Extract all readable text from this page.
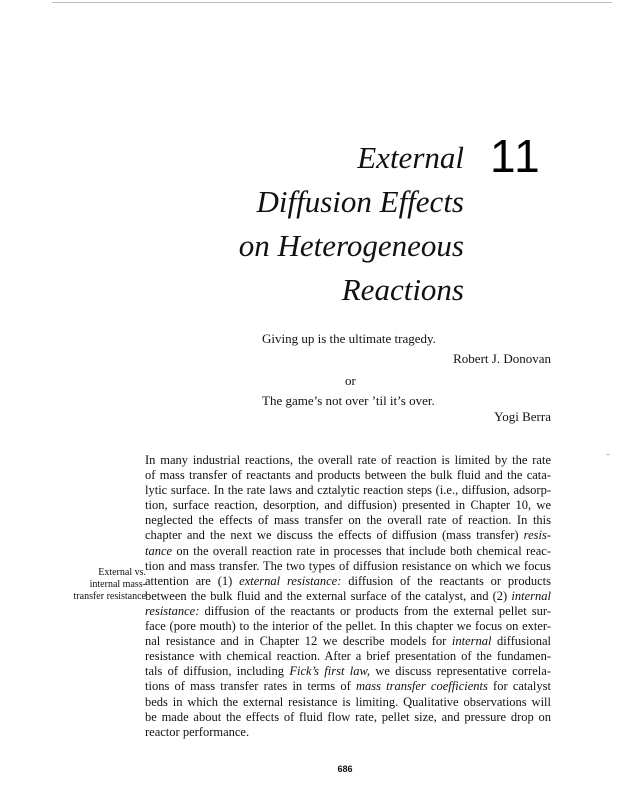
External
Diffusion Effects
on Heterogeneous
Reactions
11
Giving up is the ultimate tragedy.
Robert J. Donovan
or
The game’s not over ’til it’s over.
Yogi Berra
External vs.
internal mass-
transfer resistance
In many industrial reactions, the overall rate of reaction is limited by the rate
of mass transfer of reactants and products between the bulk fluid and the cata-
lytic surface. In the rate laws and cztalytic reaction steps (i.e., diffusion, adsorp-
tion, surface reaction, desorption, and diffusion) presented in Chapter 10, we
neglected the effects of mass transfer on the overall rate of reaction. In this
chapter and the next we discuss the effects of diffusion (mass transfer) resis-
tance on the overall reaction rate in processes that include both chemical reac-
tion and mass transfer. The two types of diffusion resistance on which we focus
attention are (1) external resistance: diffusion of the reactants or products
between the bulk fluid and the external surface of the catalyst, and (2) internal
resistance: diffusion of the reactants or products from the external pellet sur-
face (pore mouth) to the interior of the pellet. In this chapter we focus on exter-
nal resistance and in Chapter 12 we describe models for internal diffusional
resistance with chemical reaction. After a brief presentation of the fundamen-
tals of diffusion, including Fick’s first law, we discuss representative correla-
tions of mass transfer rates in terms of mass transfer coefficients for catalyst
beds in which the external resistance is limiting. Qualitative observations will
be made about the effects of fluid flow rate, pellet size, and pressure drop on
reactor performance.
686
